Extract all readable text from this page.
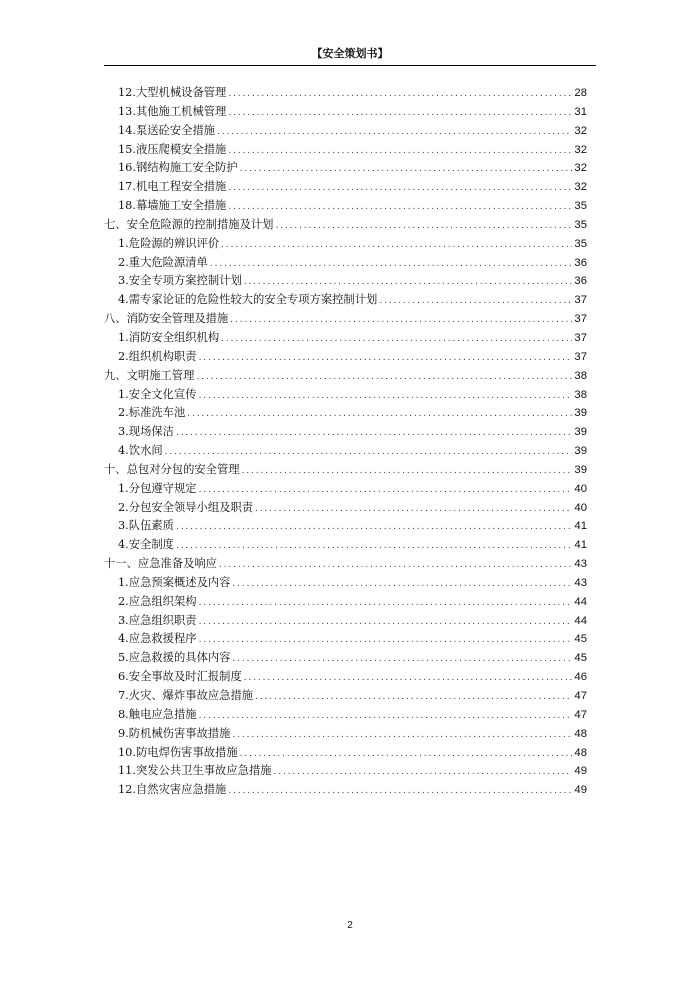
【安全策划书】
12.大型机械设备管理 . . .	28
13.其他施工机械管理 . . .	31
14.泵送砼安全措施 . . .	32
15.液压爬模安全措施 . . .	32
16.钢结构施工安全防护 . . .	32
17.机电工程安全措施 . . .	32
18.幕墙施工安全措施 . . .	35
七、安全危险源的控制措施及计划 . . .	35
1.危险源的辨识评价 . . .	35
2.重大危险源清单 . . .	36
3.安全专项方案控制计划 . . .	36
4.需专家论证的危险性较大的安全专项方案控制计划 . . .	37
八、消防安全管理及措施 . . .	37
1.消防安全组织机构 . . .	37
2.组织机构职责 . . .	37
九、文明施工管理 . . .	38
1.安全文化宣传 . . .	38
2.标准洗车池 . . .	39
3.现场保洁 . . .	39
4.饮水间 . . .	39
十、总包对分包的安全管理 . . .	39
1.分包遵守规定 . . .	40
2.分包安全领导小组及职责 . . .	40
3.队伍素质 . . .	41
4.安全制度 . . .	41
十一、应急准备及响应 . . .	43
1. 应急预案概述及内容 . . .	43
2. 应急组织架构 . . .	44
3. 应急组织职责 . . .	44
4. 应急救援程序 . . .	45
5. 应急救援的具体内容 . . .	45
6. 安全事故及时汇报制度 . . .	46
7. 火灾、爆炸事故应急措施 . . .	47
8. 触电应急措施 . . .	47
9. 防机械伤害事故措施 . . .	48
10. 防电焊伤害事故措施 . . .	48
11. 突发公共卫生事故应急措施 . . .	49
12. 自然灾害应急措施 . . .	49
2
